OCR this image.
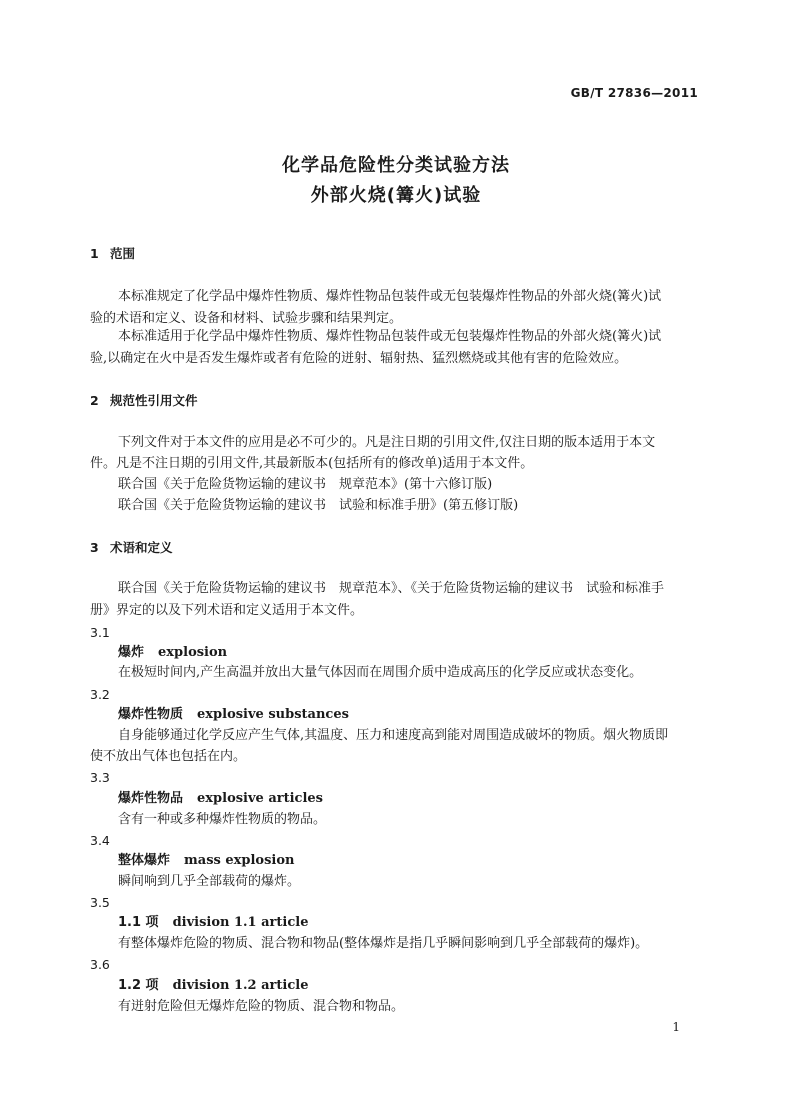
GB/T 27836—2011
化学品危险性分类试验方法
外部火烧(篝火)试验
1 范围
本标准规定了化学品中爆炸性物质、爆炸性物品包装件或无包装爆炸性物品的外部火烧(篝火)试
验的术语和定义、设备和材料、试验步骤和结果判定。
本标准适用于化学品中爆炸性物质、爆炸性物品包装件或无包装爆炸性物品的外部火烧(篝火)试
验,以确定在火中是否发生爆炸或者有危险的迸射、辐射热、猛烈燃烧或其他有害的危险效应。
2 规范性引用文件
下列文件对于本文件的应用是必不可少的。凡是注日期的引用文件,仅注日期的版本适用于本文
件。凡是不注日期的引用文件,其最新版本(包括所有的修改单)适用于本文件。
联合国《关于危险货物运输的建议书　规章范本》(第十六修订版)
联合国《关于危险货物运输的建议书　试验和标准手册》(第五修订版)
3 术语和定义
联合国《关于危险货物运输的建议书　规章范本》、《关于危险货物运输的建议书　试验和标准手
册》界定的以及下列术语和定义适用于本文件。
3.1
爆炸 explosion
在极短时间内,产生高温并放出大量气体因而在周围介质中造成高压的化学反应或状态变化。
3.2
爆炸性物质 explosive substances
自身能够通过化学反应产生气体,其温度、压力和速度高到能对周围造成破坏的物质。烟火物质即
使不放出气体也包括在内。
3.3
爆炸性物品 explosive articles
含有一种或多种爆炸性物质的物品。
3.4
整体爆炸 mass explosion
瞬间响到几乎全部载荷的爆炸。
3.5
1.1 项 division 1.1 article
有整体爆炸危险的物质、混合物和物品(整体爆炸是指几乎瞬间影响到几乎全部载荷的爆炸)。
3.6
1.2 项 division 1.2 article
有迸射危险但无爆炸危险的物质、混合物和物品。
1
